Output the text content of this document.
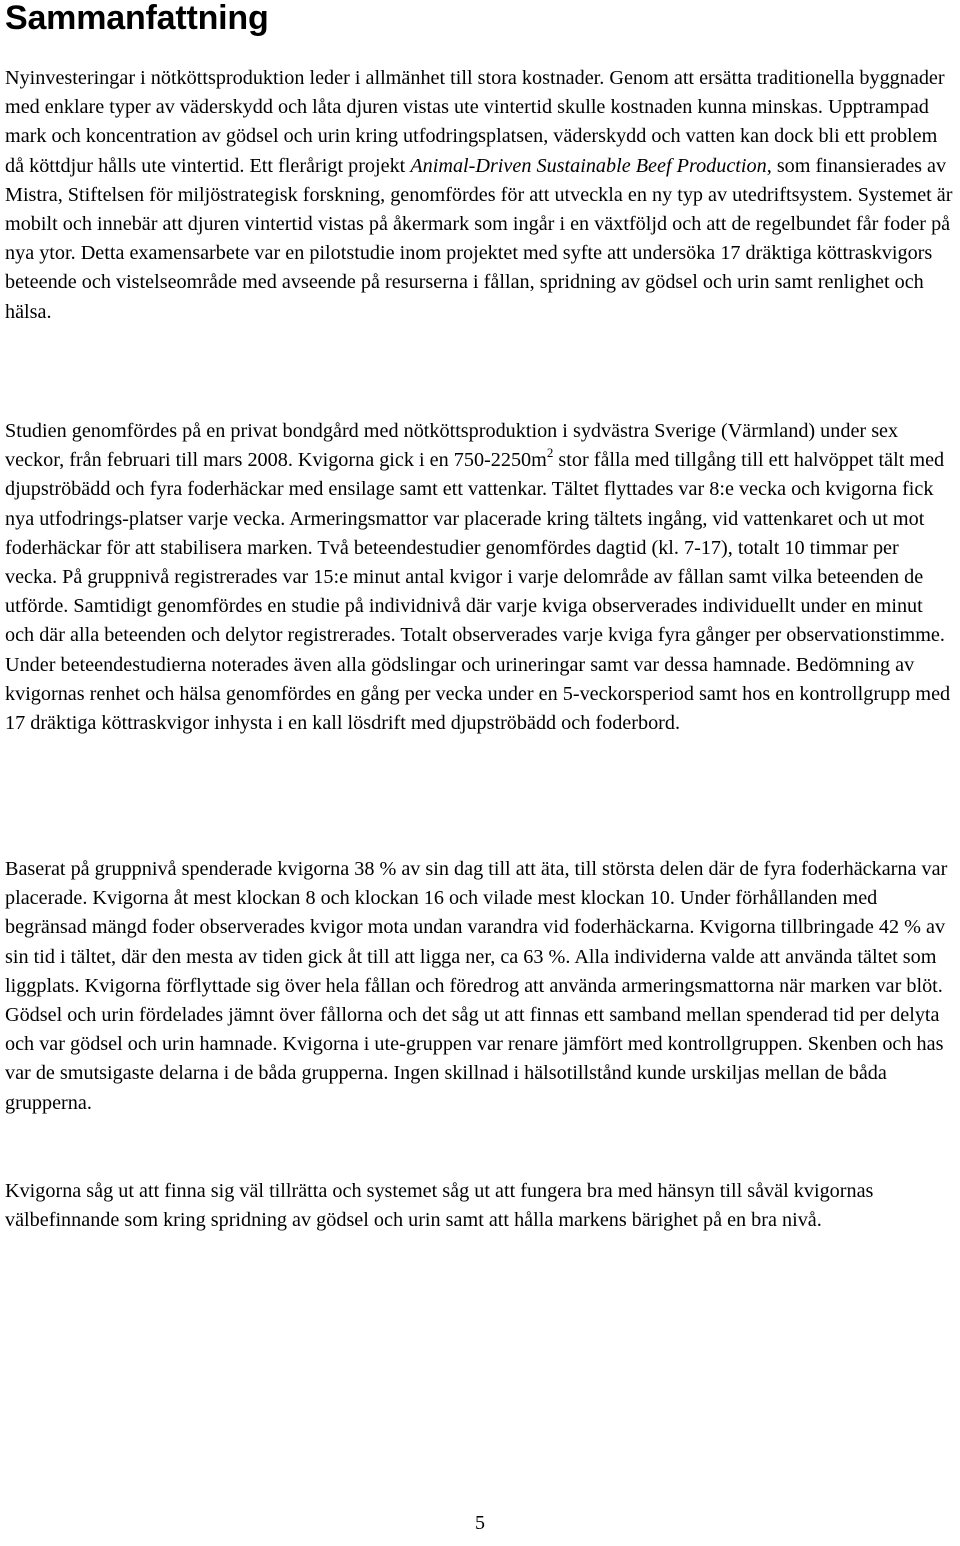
Sammanfattning

Nyinvesteringar i nötköttsproduktion leder i allmänhet till stora kostnader. Genom att ersätta traditionella byggnader med enklare typer av väderskydd och låta djuren vistas ute vintertid skulle kostnaden kunna minskas. Upptrampad mark och koncentration av gödsel och urin kring utfodringsplatsen, väderskydd och vatten kan dock bli ett problem då köttdjur hålls ute vintertid. Ett flerårigt projekt Animal-Driven Sustainable Beef Production, som finansierades av Mistra, Stiftelsen för miljöstrategisk forskning, genomfördes för att utveckla en ny typ av utedriftsystem. Systemet är mobilt och innebär att djuren vintertid vistas på åkermark som ingår i en växtföljd och att de regelbundet får foder på nya ytor. Detta examensarbete var en pilotstudie inom projektet med syfte att undersöka 17 dräktiga köttraskvigors beteende och vistelseområde med avseende på resurserna i fållan, spridning av gödsel och urin samt renlighet och hälsa.

Studien genomfördes på en privat bondgård med nötköttsproduktion i sydvästra Sverige (Värmland) under sex veckor, från februari till mars 2008. Kvigorna gick i en $750-2250m^2$ stor fålla med tillgång till ett halvöppet tält med djupströbädd och fyra foderhäckar med ensilage samt ett vattenkar. Tältet flyttades var 8:e vecka och kvigorna fick nya utfodrings-platser varje vecka. Armeringsmattor var placerade kring tältets ingång, vid vattenkaret och ut mot foderhäckar för att stabilisera marken. Två beteendestudier genomfördes dagtid (kl. 7-17), totalt 10 timmar per vecka. På gruppnivå registrerades var 15:e minut antal kvigor i varje delområde av fållan samt vilka beteenden de utförde. Samtidigt genomfördes en studie på individnivå där varje kviga observerades individuellt under en minut och där alla beteenden och delytor registrerades. Totalt observerades varje kviga fyra gånger per observationstimme. Under beteendestudierna noterades även alla gödslingar och urineringar samt var dessa hamnade. Bedömning av kvigornas renhet och hälsa genomfördes en gång per vecka under en 5-veckorsperiod samt hos en kontrollgrupp med 17 dräktiga köttraskvigor inhysta i en kall lösdrift med djupströbädd och foderbord.

Baserat på gruppnivå spenderade kvigorna 38 % av sin dag till att äta, till största delen där de fyra foderhäckarna var placerade. Kvigorna åt mest klockan 8 och klockan 16 och vilade mest klockan 10. Under förhållanden med begränsad mängd foder observerades kvigor mota undan varandra vid foderhäckarna. Kvigorna tillbringade 42 % av sin tid i tältet, där den mesta av tiden gick åt till att ligga ner, ca 63 %. Alla individerna valde att använda tältet som liggplats. Kvigorna förflyttade sig över hela fållan och föredrog att använda armeringsmattorna när marken var blöt. Gödsel och urin fördelades jämnt över fållorna och det såg ut att finnas ett samband mellan spenderad tid per delyta och var gödsel och urin hamnade. Kvigorna i ute-gruppen var renare jämfört med kontrollgruppen. Skenben och has var de smutsigaste delarna i de båda grupperna. Ingen skillnad i hälsotillstånd kunde urskiljas mellan de båda grupperna.

Kvigorna såg ut att finna sig väl tillrätta och systemet såg ut att fungera bra med hänsyn till såväl kvigornas välbefinnande som kring spridning av gödsel och urin samt att hålla markens bärighet på en bra nivå.

5
